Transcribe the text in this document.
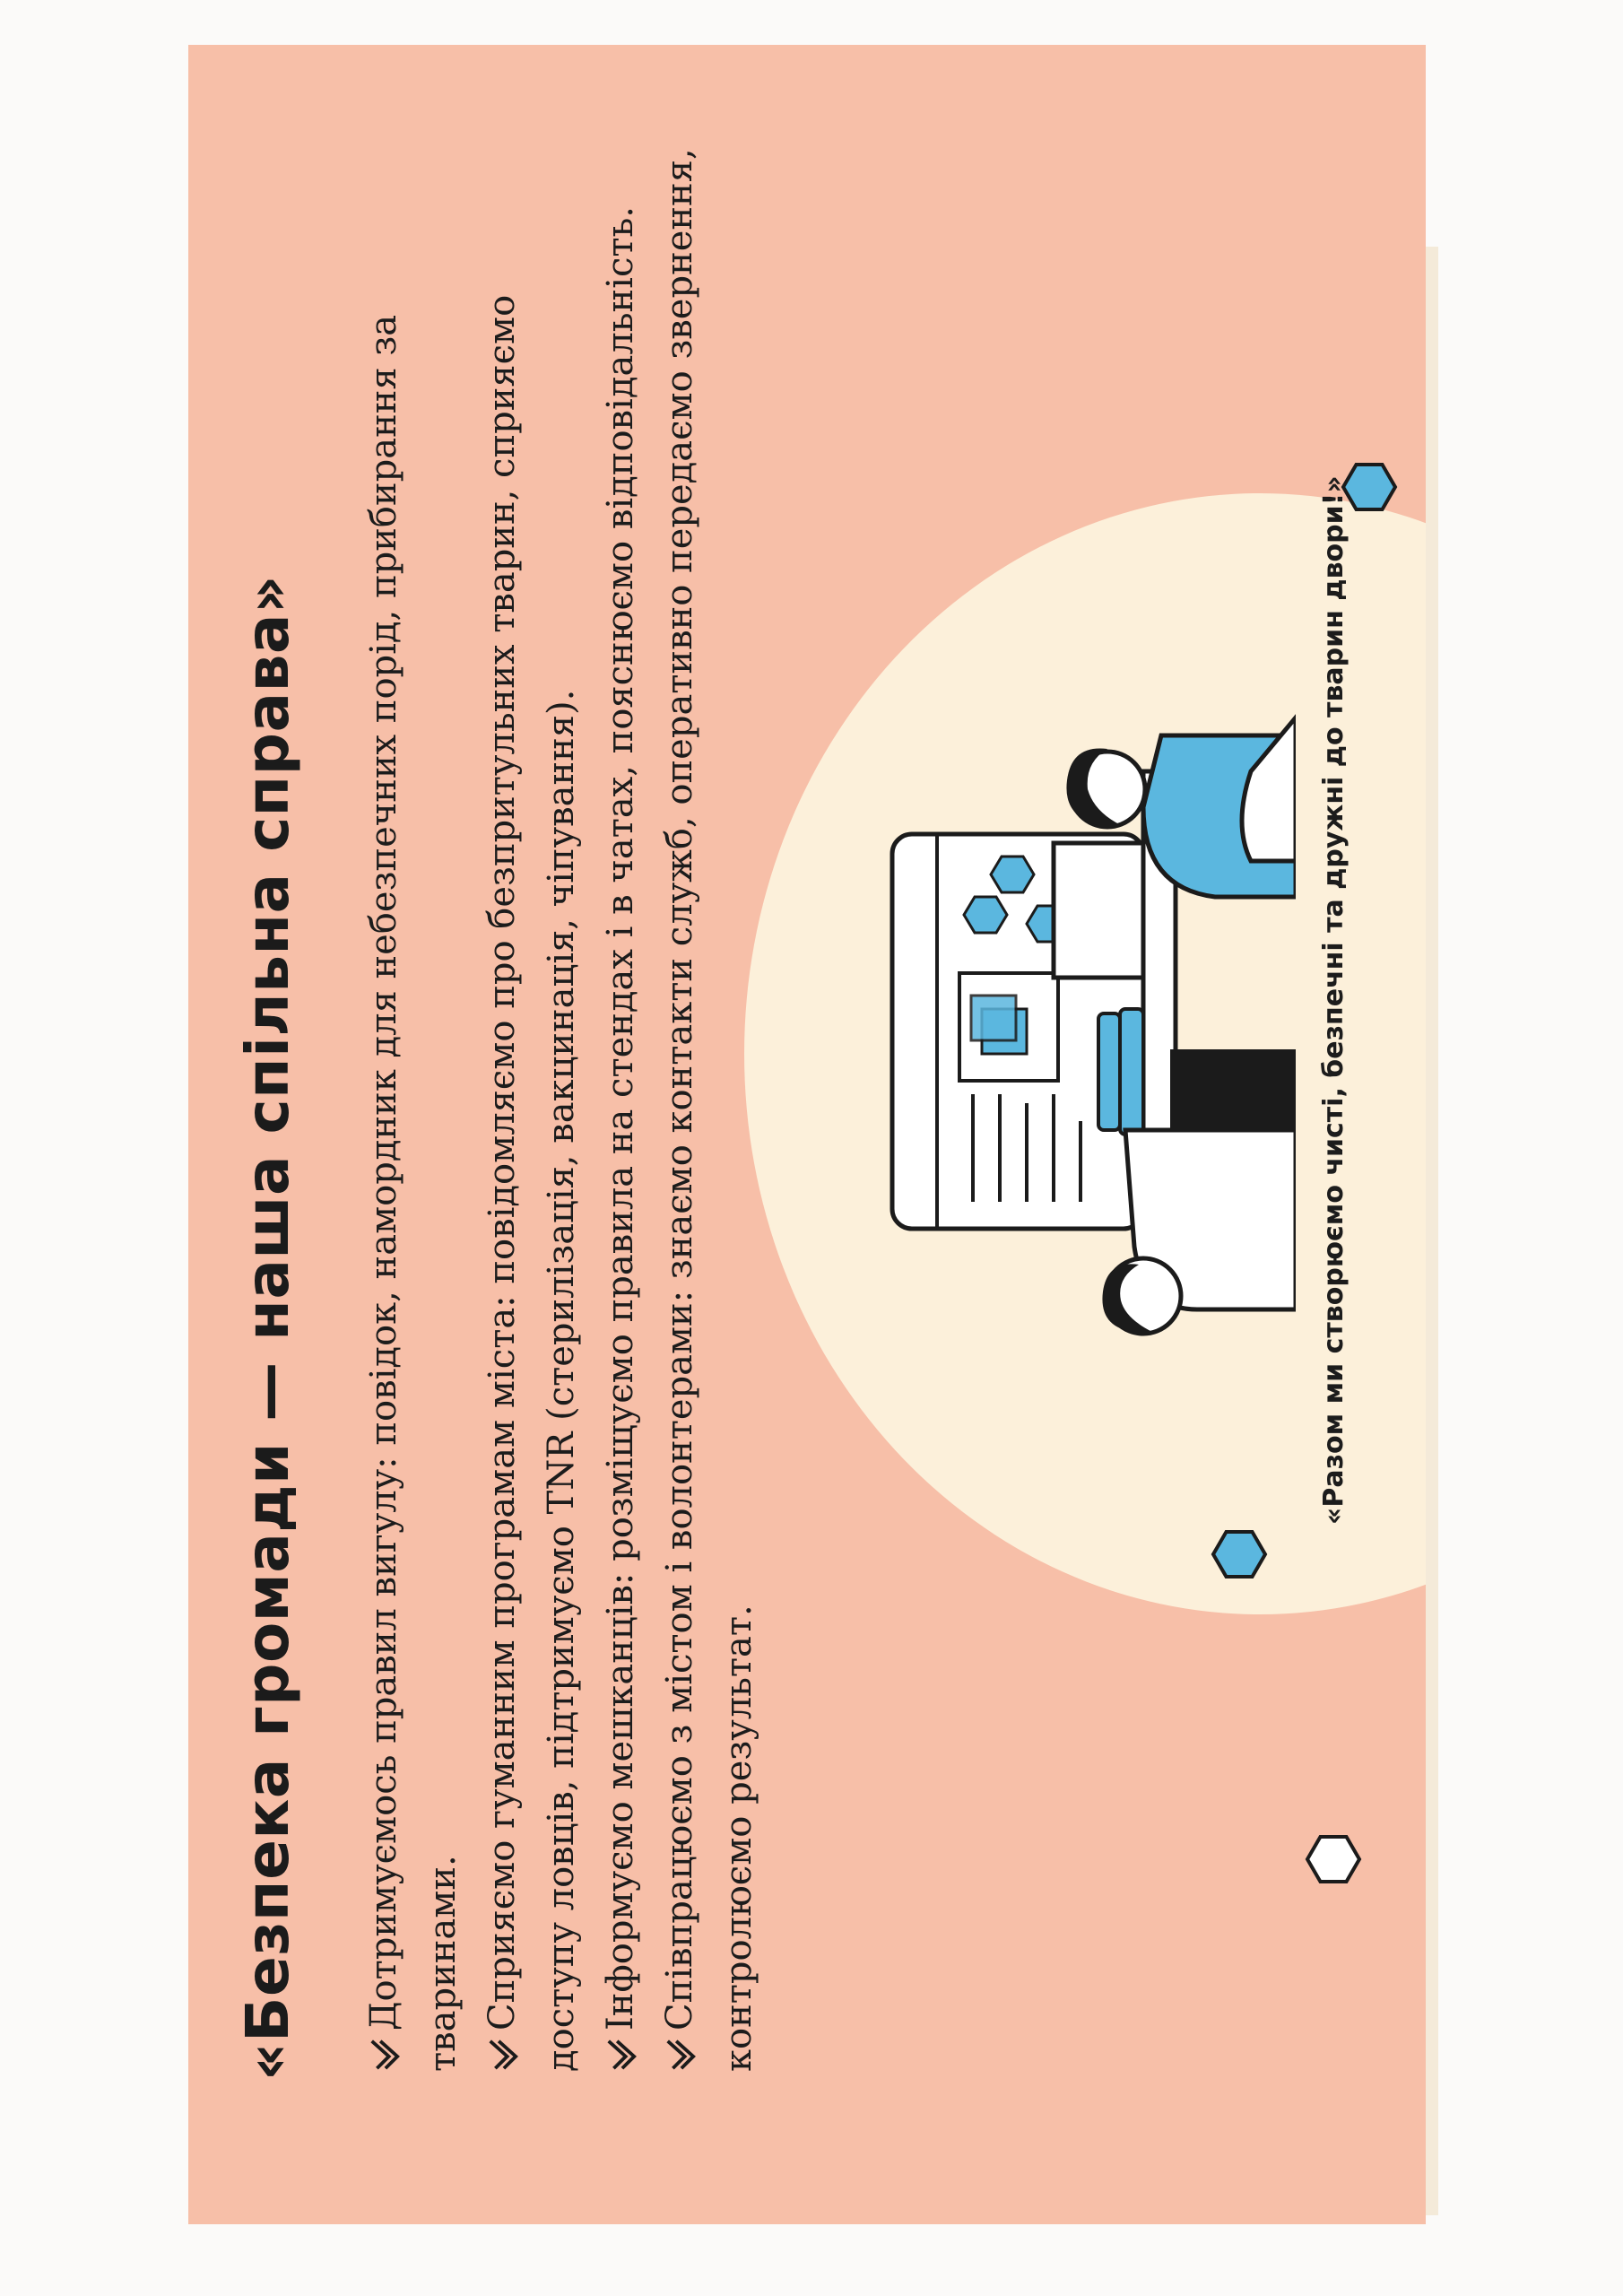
«Безпека громади — наша спільна справа» Дотримуємось правил вигулу: повідок, намордник для небезпечних порід, прибирання за тваринами. Сприяємо гуманним програмам міста: повідомляємо про безпритульних тварин, сприяємо доступу ловців, підтримуємо TNR (стерилізація, вакцинація, чіпування). Інформуємо мешканців: розміщуємо правила на стендах і в чатах, пояснюємо відповідальність. Співпрацюємо з містом і волонтерами: знаємо контакти служб, оперативно передаємо звернення, контролюємо результат.

«Разом ми створюємо чисті, безпечні та дружні до тварин двори!»
